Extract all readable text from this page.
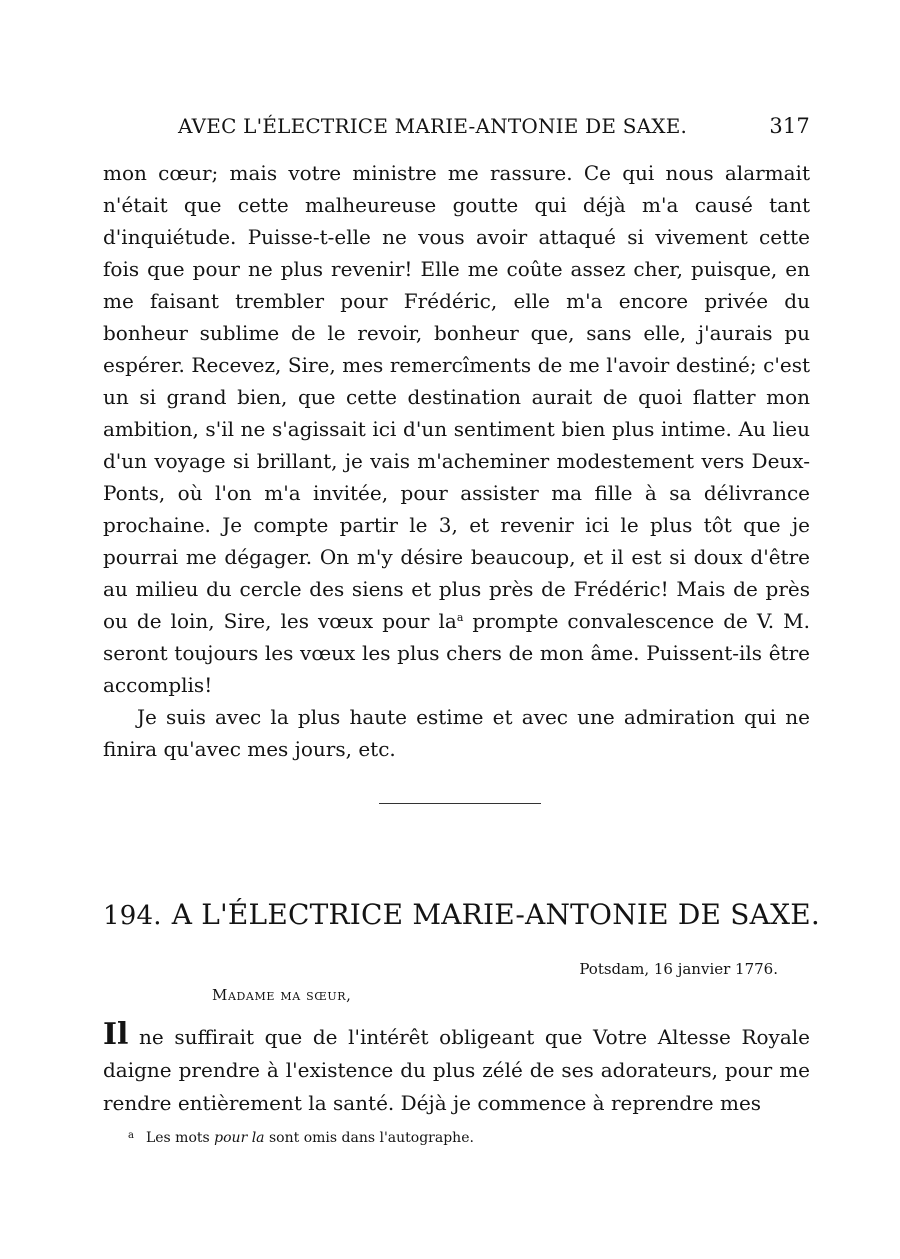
AVEC L'ÉLECTRICE MARIE-ANTONIE DE SAXE.	317

mon cœur; mais votre ministre me rassure. Ce qui nous alarmait n'était que cette malheureuse goutte qui déjà m'a causé tant d'inquiétude. Puisse-t-elle ne vous avoir attaqué si vivement cette fois que pour ne plus revenir! Elle me coûte assez cher, puisque, en me faisant trembler pour Frédéric, elle m'a encore privée du bonheur sublime de le revoir, bonheur que, sans elle, j'aurais pu espérer. Recevez, Sire, mes remercîments de me l'avoir destiné; c'est un si grand bien, que cette destination aurait de quoi flatter mon ambition, s'il ne s'agissait ici d'un sentiment bien plus intime. Au lieu d'un voyage si brillant, je vais m'acheminer modestement vers Deux-Ponts, où l'on m'a invitée, pour assister ma fille à sa délivrance prochaine. Je compte partir le 3, et revenir ici le plus tôt que je pourrai me dégager. On m'y désire beaucoup, et il est si doux d'être au milieu du cercle des siens et plus près de Frédéric! Mais de près ou de loin, Sire, les vœux pour $la^a$ prompte convalescence de V. M. seront toujours les vœux les plus chers de mon âme. Puissent-ils être accomplis!

Je suis avec la plus haute estime et avec une admiration qui ne finira qu'avec mes jours, etc.

194. A L'ÉLECTRICE MARIE-ANTONIE DE SAXE.
Potsdam, 16 janvier 1776.
Madame ma sœur,

Il ne suffirait que de l'intérêt obligeant que Votre Altesse Royale daigne prendre à l'existence du plus zélé de ses adorateurs, pour me rendre entièrement la santé. Déjà je commence à reprendre mes

$^a$ Les mots pour la sont omis dans l'autographe.
